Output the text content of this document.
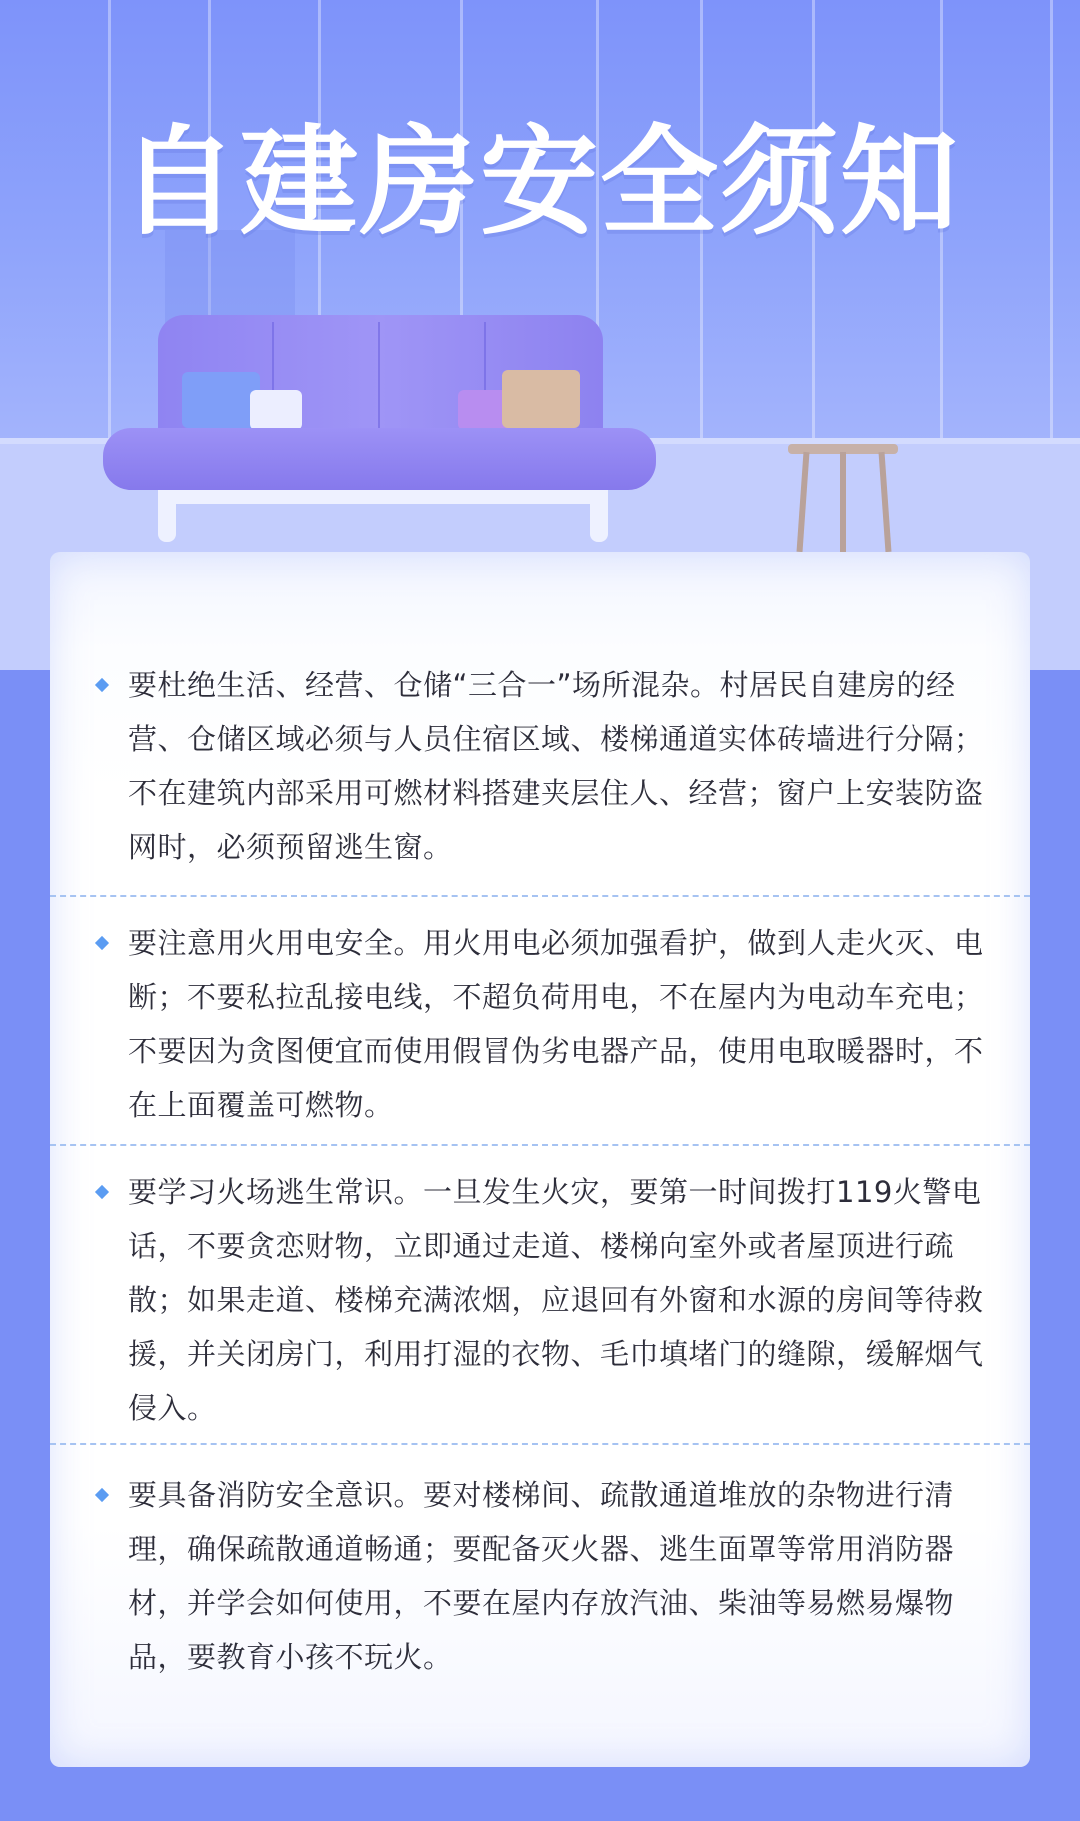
自建房安全须知

要杜绝生活、经营、仓储“三合一”场所混杂。村居民自建房的经营、仓储区域必须与人员住宿区域、楼梯通道实体砖墙进行分隔；不在建筑内部采用可燃材料搭建夹层住人、经营；窗户上安装防盗网时，必须预留逃生窗。

要注意用火用电安全。用火用电必须加强看护，做到人走火灭、电断；不要私拉乱接电线，不超负荷用电，不在屋内为电动车充电；不要因为贪图便宜而使用假冒伪劣电器产品，使用电取暖器时，不在上面覆盖可燃物。

要学习火场逃生常识。一旦发生火灾，要第一时间拨打119火警电话，不要贪恋财物，立即通过走道、楼梯向室外或者屋顶进行疏散；如果走道、楼梯充满浓烟，应退回有外窗和水源的房间等待救援，并关闭房门，利用打湿的衣物、毛巾填堵门的缝隙，缓解烟气侵入。

要具备消防安全意识。要对楼梯间、疏散通道堆放的杂物进行清理，确保疏散通道畅通；要配备灭火器、逃生面罩等常用消防器材，并学会如何使用，不要在屋内存放汽油、柴油等易燃易爆物品，要教育小孩不玩火。
